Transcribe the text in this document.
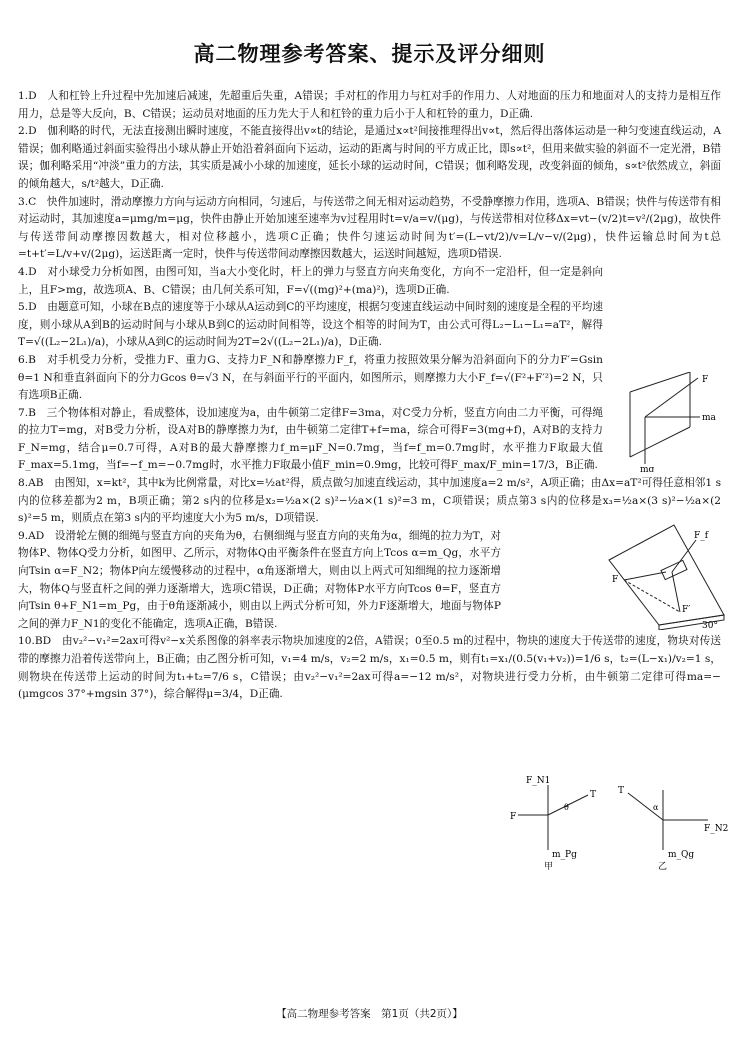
高二物理参考答案、提示及评分细则

1.D　人和杠铃上升过程中先加速后减速，先超重后失重，A错误；手对杠的作用力与杠对手的作用力、人对地面的压力和地面对人的支持力是相互作用力，总是等大反向，B、C错误；运动员对地面的压力先大于人和杠铃的重力后小于人和杠铃的重力，D正确.

2.D　伽利略的时代，无法直接测出瞬时速度，不能直接得出v∝t的结论，是通过x∝t²间接推理得出v∝t，然后得出落体运动是一种匀变速直线运动，A错误；伽利略通过斜面实验得出小球从静止开始沿着斜面向下运动，运动的距离与时间的平方成正比，即s∝t²，但用来做实验的斜面不一定光滑，B错误；伽利略采用“冲淡”重力的方法，其实质是减小小球的加速度，延长小球的运动时间，C错误；伽利略发现，改变斜面的倾角，s∝t²依然成立，斜面的倾角越大，s/t²越大，D正确.

3.C　快件加速时，滑动摩擦力方向与运动方向相同，匀速后，与传送带之间无相对运动趋势，不受静摩擦力作用，选项A、B错误；快件与传送带有相对运动时，其加速度a=μmg/m=μg，快件由静止开始加速至速率为v过程用时t=v/a=v/(μg)，与传送带相对位移Δx=vt−(v/2)t=v²/(2μg)，故快件与传送带间动摩擦因数越大，相对位移越小，选项C正确；快件匀速运动时间为t′=(L−vt/2)/v=L/v−v/(2μg)，快件运输总时间为t总=t+t′=L/v+v/(2μg)，运送距离一定时，快件与传送带间动摩擦因数越大，运送时间越短，选项D错误.

4.D　对小球受力分析如图，由图可知，当a大小变化时，杆上的弹力与竖直方向夹角变化，方向不一定沿杆，但一定是斜向上，且F>mg，故选项A、B、C错误；由几何关系可知，F=√((mg)²+(ma)²)，选项D正确.

5.D　由题意可知，小球在B点的速度等于小球从A运动到C的平均速度，根据匀变速直线运动中间时刻的速度是全程的平均速度，则小球从A到B的运动时间与小球从B到C的运动时间相等，设这个相等的时间为T，由公式可得L₂−L₁−L₁=aT²，解得T=√((L₂−2L₁)/a)，小球从A到C的运动时间为2T=2√((L₂−2L₁)/a)，D正确.

6.B　对手机受力分析，受推力F、重力G、支持力F_N和静摩擦力F_f，将重力按照效果分解为沿斜面向下的分力F′=Gsin θ=1 N和垂直斜面向下的分力Gcos θ=√3 N，在与斜面平行的平面内，如图所示，则摩擦力大小F_f=√(F²+F′²)=2 N，只有选项B正确.

7.B　三个物体相对静止，看成整体，设加速度为a，由牛顿第二定律F=3ma，对C受力分析，竖直方向由二力平衡，可得绳的拉力T=mg，对B受力分析，设A对B的静摩擦力为f，由牛顿第二定律T+f=ma，综合可得F=3(mg+f)，A对B的支持力F_N=mg，结合μ=0.7可得，A对B的最大静摩擦力f_m=μF_N=0.7mg，当f=f_m=0.7mg时，水平推力F取最大值F_max=5.1mg，当f=−f_m=−0.7mg时，水平推力F取最小值F_min=0.9mg，比较可得F_max/F_min=17/3，B正确.

8.AB　由图知，x=kt²，其中k为比例常量，对比x=½at²得，质点做匀加速直线运动，其中加速度a=2 m/s²，A项正确；由Δx=aT²可得任意相邻1 s内的位移差都为2 m，B项正确；第2 s内的位移是x₂=½a×(2 s)²−½a×(1 s)²=3 m，C项错误；质点第3 s内的位移是x₃=½a×(3 s)²−½a×(2 s)²=5 m，则质点在第3 s内的平均速度大小为5 m/s，D项错误.

9.AD　设滑轮左侧的细绳与竖直方向的夹角为θ，右侧细绳与竖直方向的夹角为α，细绳的拉力为T，对物体P、物体Q受力分析，如图甲、乙所示，对物体Q由平衡条件在竖直方向上Tcos α=m_Qg，水平方向Tsin α=F_N2；物体P向左缓慢移动的过程中，α角逐渐增大，则由以上两式可知细绳的拉力逐渐增大，物体Q与竖直杆之间的弹力逐渐增大，选项C错误，D正确；对物体P水平方向Tcos θ=F，竖直方向Tsin θ+F_N1=m_Pg，由于θ角逐渐减小，则由以上两式分析可知，外力F逐渐增大，地面与物体P之间的弹力F_N1的变化不能确定，选项A正确，B错误.

10.BD　由v₂²−v₁²=2ax可得v²−x关系图像的斜率表示物块加速度的2倍，A错误；0至0.5 m的过程中，物块的速度大于传送带的速度，物块对传送带的摩擦力沿着传送带向上，B正确；由乙图分析可知，v₁=4 m/s，v₂=2 m/s，x₁=0.5 m，则有t₁=x₁/(0.5(v₁+v₂))=1/6 s，t₂=(L−x₁)/v₂=1 s，则物块在传送带上运动的时间为t₁+t₂=7/6 s，C错误；由v₂²−v₁²=2ax可得a=−12 m/s²，对物块进行受力分析，由牛顿第二定律可得ma=−(μmgcos 37°+mgsin 37°)，综合解得μ=3/4，D正确.

F
ma
mg
F
F_f
F′
30°
F_N1
T
F
m_Pg
甲
T
F_N2
m_Qg
乙
θ	α
【高二物理参考答案　第1页（共2页）】
